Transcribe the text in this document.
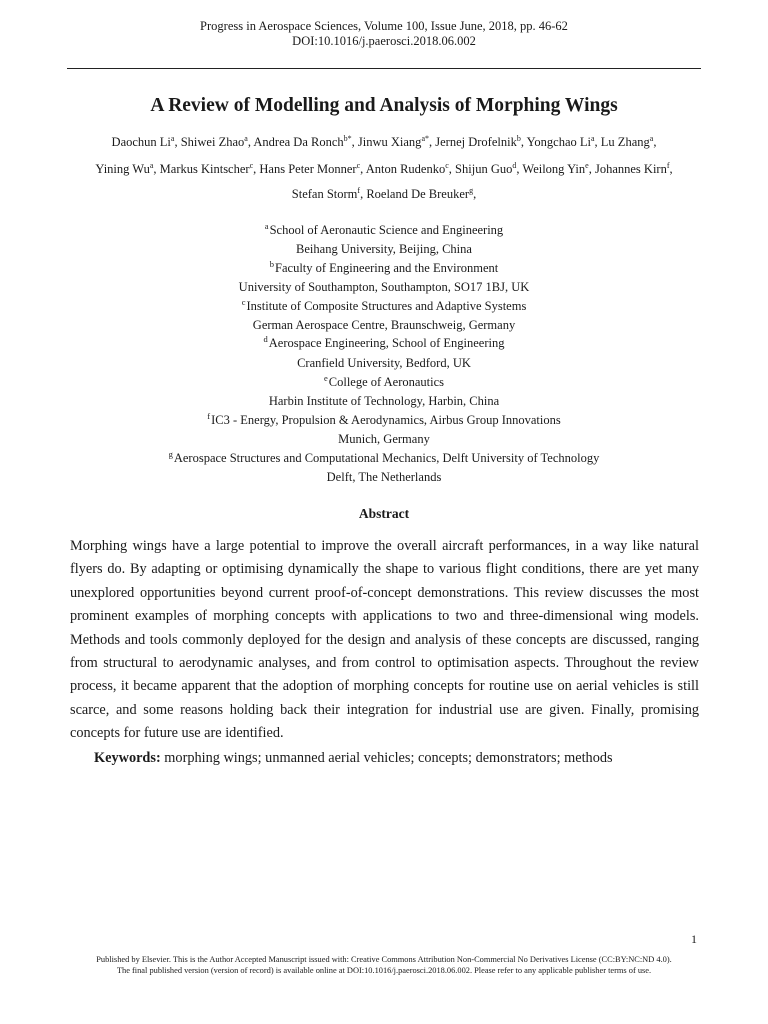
Progress in Aerospace Sciences, Volume 100, Issue June, 2018, pp. 46-62
DOI:10.1016/j.paerosci.2018.06.002
A Review of Modelling and Analysis of Morphing Wings
Daochun Li$^a$, Shiwei Zhao$^a$, Andrea Da Ronch$^{b*}$, Jinwu Xiang$^{a*}$, Jernej Drofelnik$^b$, Yongchao Li$^a$, Lu Zhang$^a$,
Yining Wu$^a$, Markus Kintscher$^c$, Hans Peter Monner$^c$, Anton Rudenko$^c$, Shijun Guo$^d$, Weilong Yin$^e$, Johannes Kirn$^f$,
Stefan Storm$^f$, Roeland De Breuker$^g$,
$^a$School of Aeronautic Science and Engineering
Beihang University, Beijing, China
$^b$Faculty of Engineering and the Environment
University of Southampton, Southampton, SO17 1BJ, UK
$^c$Institute of Composite Structures and Adaptive Systems
German Aerospace Centre, Braunschweig, Germany
$^d$Aerospace Engineering, School of Engineering
Cranfield University, Bedford, UK
$^e$College of Aeronautics
Harbin Institute of Technology, Harbin, China
$^f$IC3 - Energy, Propulsion & Aerodynamics, Airbus Group Innovations
Munich, Germany
$^g$Aerospace Structures and Computational Mechanics, Delft University of Technology
Delft, The Netherlands
Abstract

Morphing wings have a large potential to improve the overall aircraft performances, in a way like natural flyers do. By adapting or optimising dynamically the shape to various flight conditions, there are yet many unexplored opportunities beyond current proof-of-concept demonstrations. This review discusses the most prominent examples of morphing concepts with applications to two and three-dimensional wing models. Methods and tools commonly deployed for the design and analysis of these concepts are discussed, ranging from structural to aerodynamic analyses, and from control to optimisation aspects. Throughout the review process, it became apparent that the adoption of morphing concepts for routine use on aerial vehicles is still scarce, and some reasons holding back their integration for industrial use are given. Finally, promising concepts for future use are identified.

Keywords: morphing wings; unmanned aerial vehicles; concepts; demonstrators; methods
1
Published by Elsevier. This is the Author Accepted Manuscript issued with: Creative Commons Attribution Non-Commercial No Derivatives License (CC:BY:NC:ND 4.0).
The final published version (version of record) is available online at DOI:10.1016/j.paerosci.2018.06.002. Please refer to any applicable publisher terms of use.
